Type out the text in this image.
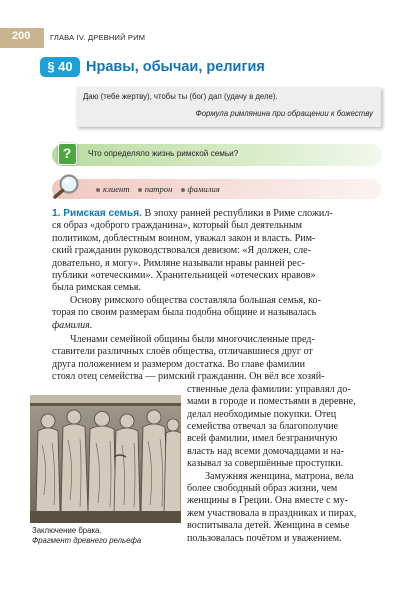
200	ГЛАВА IV. ДРЕВНИЙ РИМ
§ 40 Нравы, обычаи, религия
Даю (тебе жертву), чтобы ты (бог) дал (удачу в деле).
Формула римлянина при обращении к божеству
?	Что определяло жизнь римской семьи?
клиент патрон фамилия
1. Римская семья. В эпоху ранней республики в Риме сложил-
ся образ «доброго гражданина», который был деятельным
политиком, доблестным воином, уважал закон и власть. Рим-
ский гражданин руководствовался девизом: «Я должен, сле-
довательно, я могу». Римляне называли нравы ранней рес-
публики «отеческими». Хранительницей «отеческих нравов»
была римская семья.
Основу римского общества составляла большая семья, ко-
торая по своим размерам была подобна общине и называлась
фамилия.
Членами семейной общины были многочисленные пред-
ставители различных слоёв общества, отличавшиеся друг от
друга положением и размером достатка. Во главе фамилии
стоял отец семейства — римский гражданин. Он вёл все хозяй-
ственные дела фамилии: управлял до-
мами в городе и поместьями в деревне,
делал необходимые покупки. Отец
семейства отвечал за благополучие
всей фамилии, имел безграничную
власть над всеми домочадцами и на-
казывал за совершённые проступки.
Замужняя женщина, матрона, вела
более свободный образ жизни, чем
женщины в Греции. Она вместе с му-
жем участвовала в праздниках и пирах,
воспитывала детей. Женщина в семье
пользовалась почётом и уважением.
Заключение брака.
Фрагмент древнего рельефа
